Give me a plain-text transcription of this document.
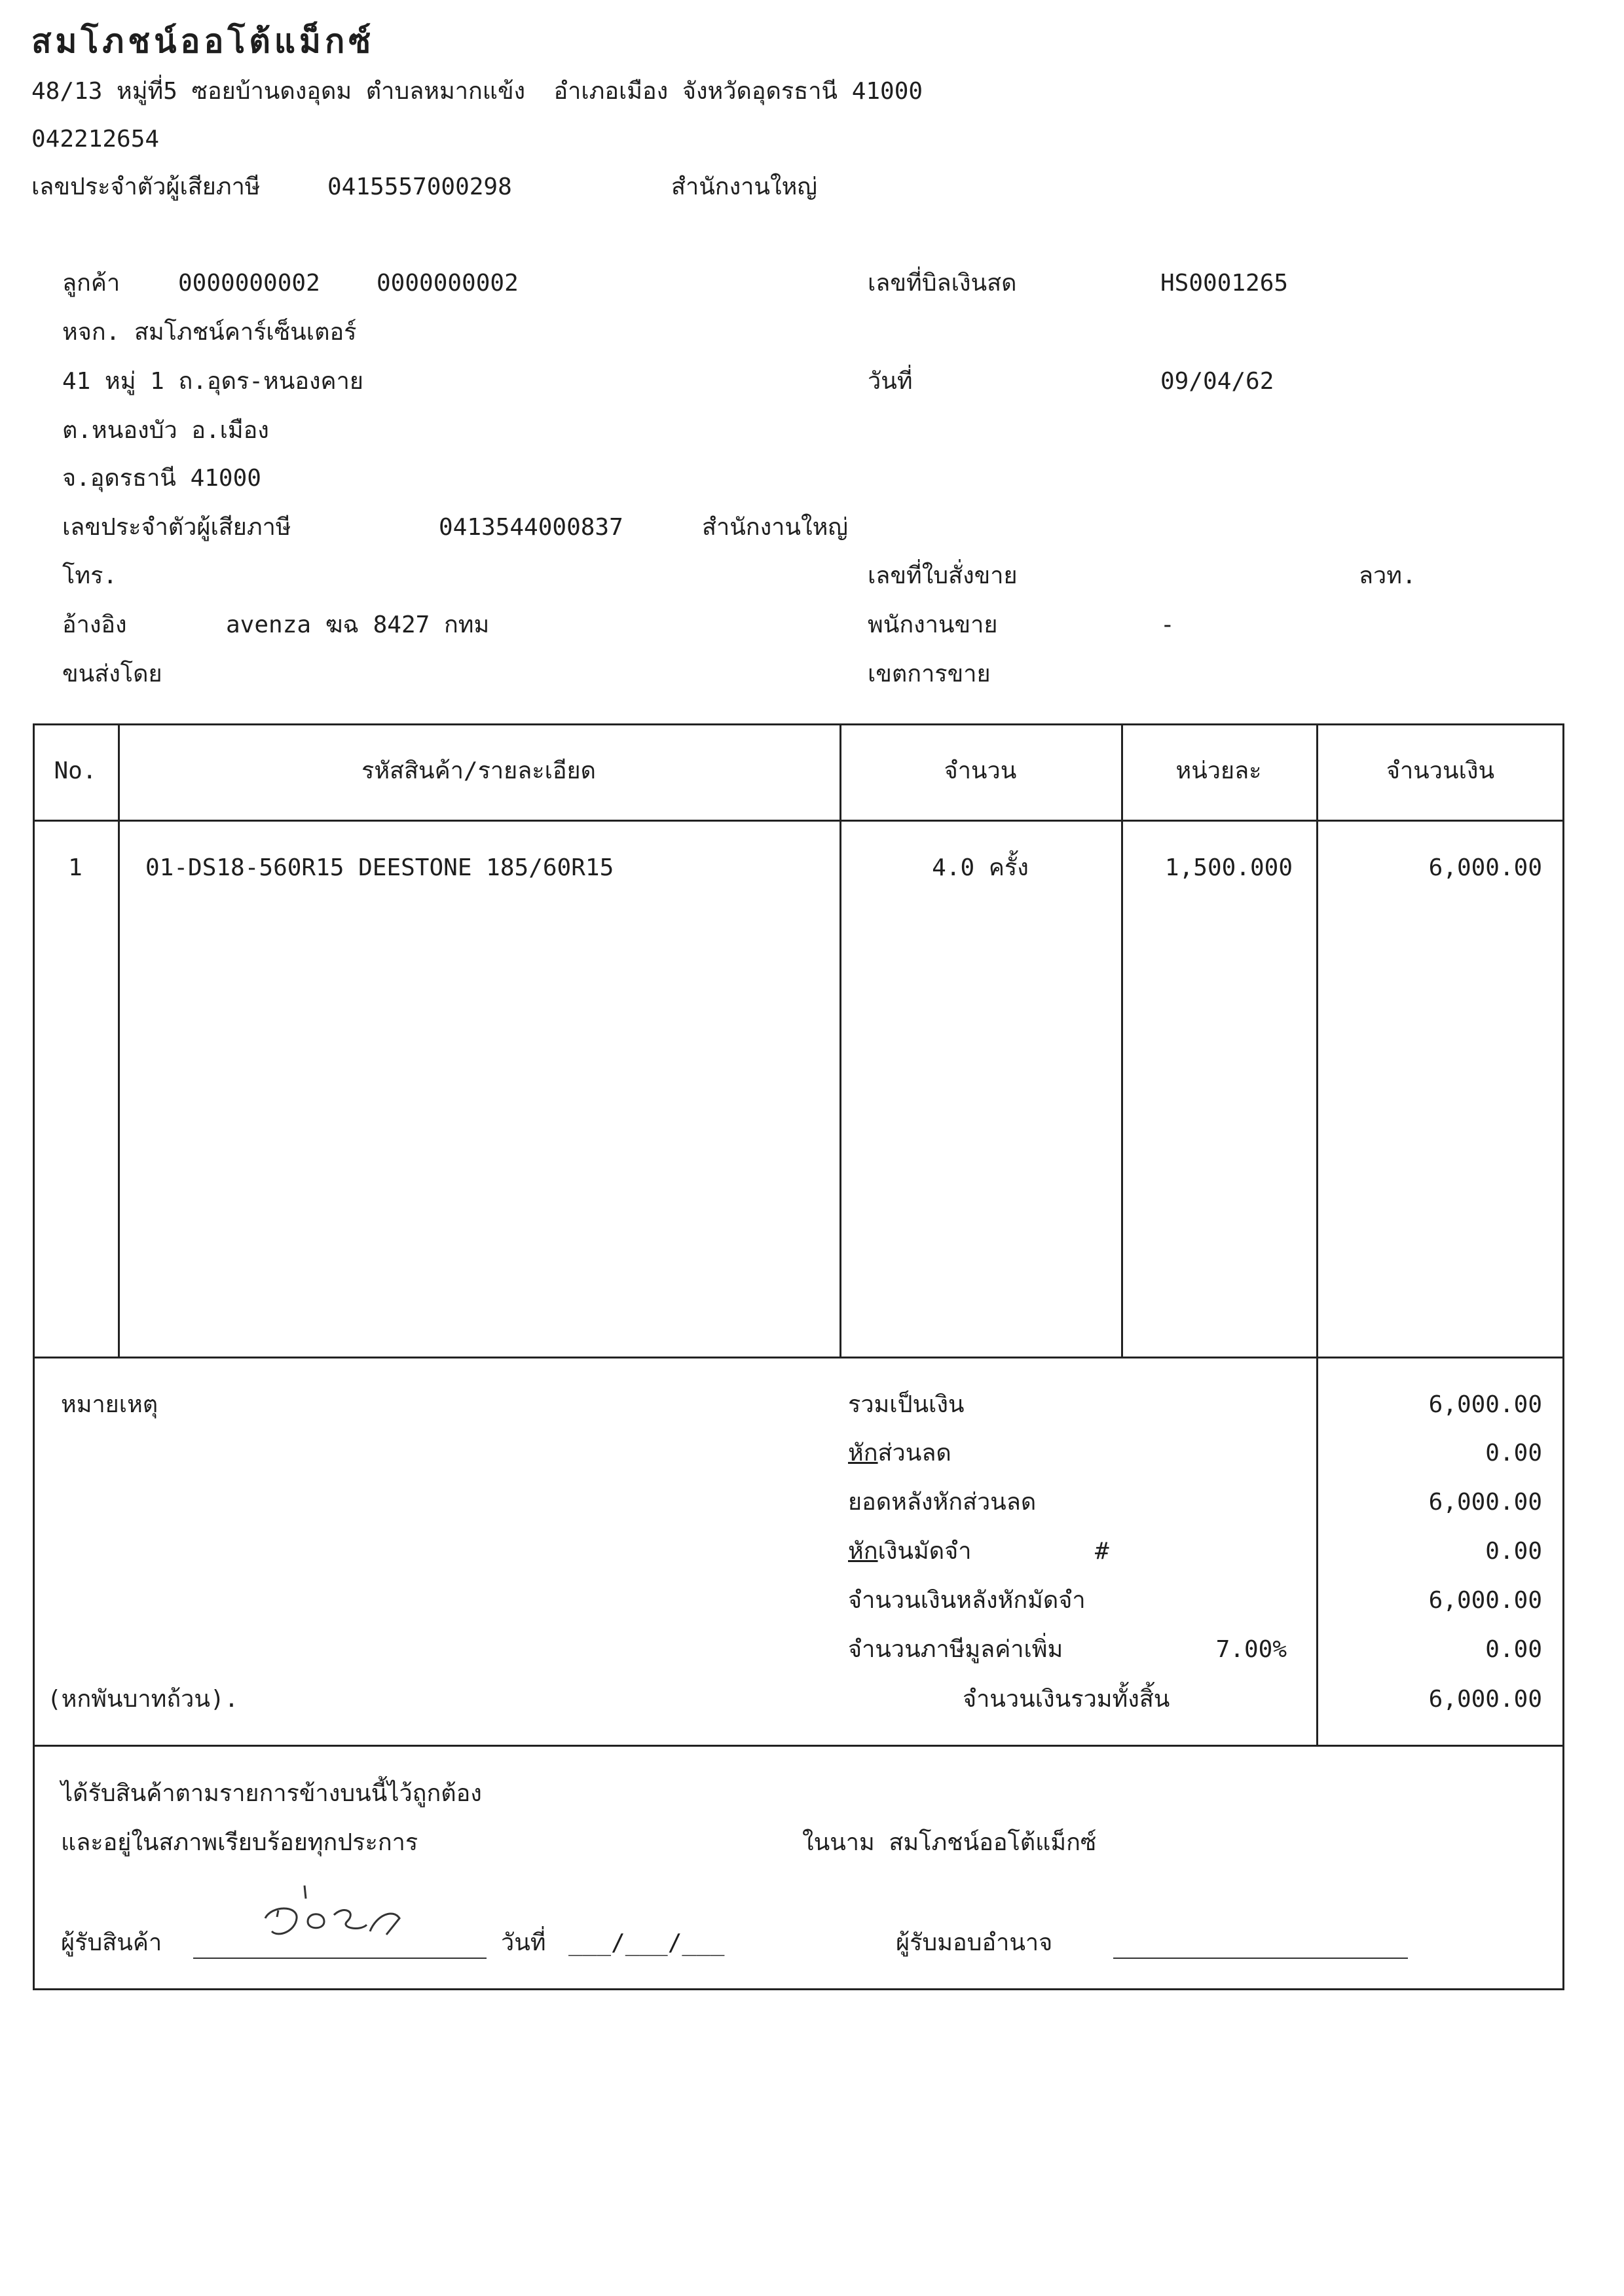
สมโภชน์ออโต้แม็กซ์
48/13 หมู่ที่5 ซอยบ้านดงอุดม ตำบลหมากแข้ง  อำเภอเมือง จังหวัดอุดรธานี 41000
042212654
เลขประจำตัวผู้เสียภาษี	0415557000298	สำนักงานใหญ่
ลูกค้า 0000000002 0000000002
หจก. สมโภชน์คาร์เซ็นเตอร์
41 หมู่ 1 ถ.อุดร-หนองคาย
ต.หนองบัว อ.เมือง
จ.อุดรธานี 41000
เลขประจำตัวผู้เสียภาษี	0413544000837	สำนักงานใหญ่
โทร.
อ้างอิง	avenza ฆฉ 8427 กทม
ขนส่งโดย
เลขที่บิลเงินสด	HS0001265
วันที่	09/04/62
เลขที่ใบสั่งขาย	ลวท.
พนักงานขาย	-
เขตการขาย
No.	รหัสสินค้า/รายละเอียด	จำนวน	หน่วยละ	จำนวนเงิน
1	01-DS18-560R15 DEESTONE 185/60R15	4.0 ครั้ง	1,500.000	6,000.00
หมายเหตุ
(หกพันบาทถ้วน).
รวมเป็นเงิน	6,000.00
หักส่วนลด	0.00
ยอดหลังหักส่วนลด	6,000.00
หักเงินมัดจำ	#	0.00
จำนวนเงินหลังหักมัดจำ	6,000.00
จำนวนภาษีมูลค่าเพิ่ม	7.00%	0.00
จำนวนเงินรวมทั้งสิ้น	6,000.00
ได้รับสินค้าตามรายการข้างบนนี้ไว้ถูกต้อง
และอยู่ในสภาพเรียบร้อยทุกประการ	ในนาม สมโภชน์ออโต้แม็กซ์
ผู้รับสินค้า	วันที่ ___/___/___	ผู้รับมอบอำนาจ
